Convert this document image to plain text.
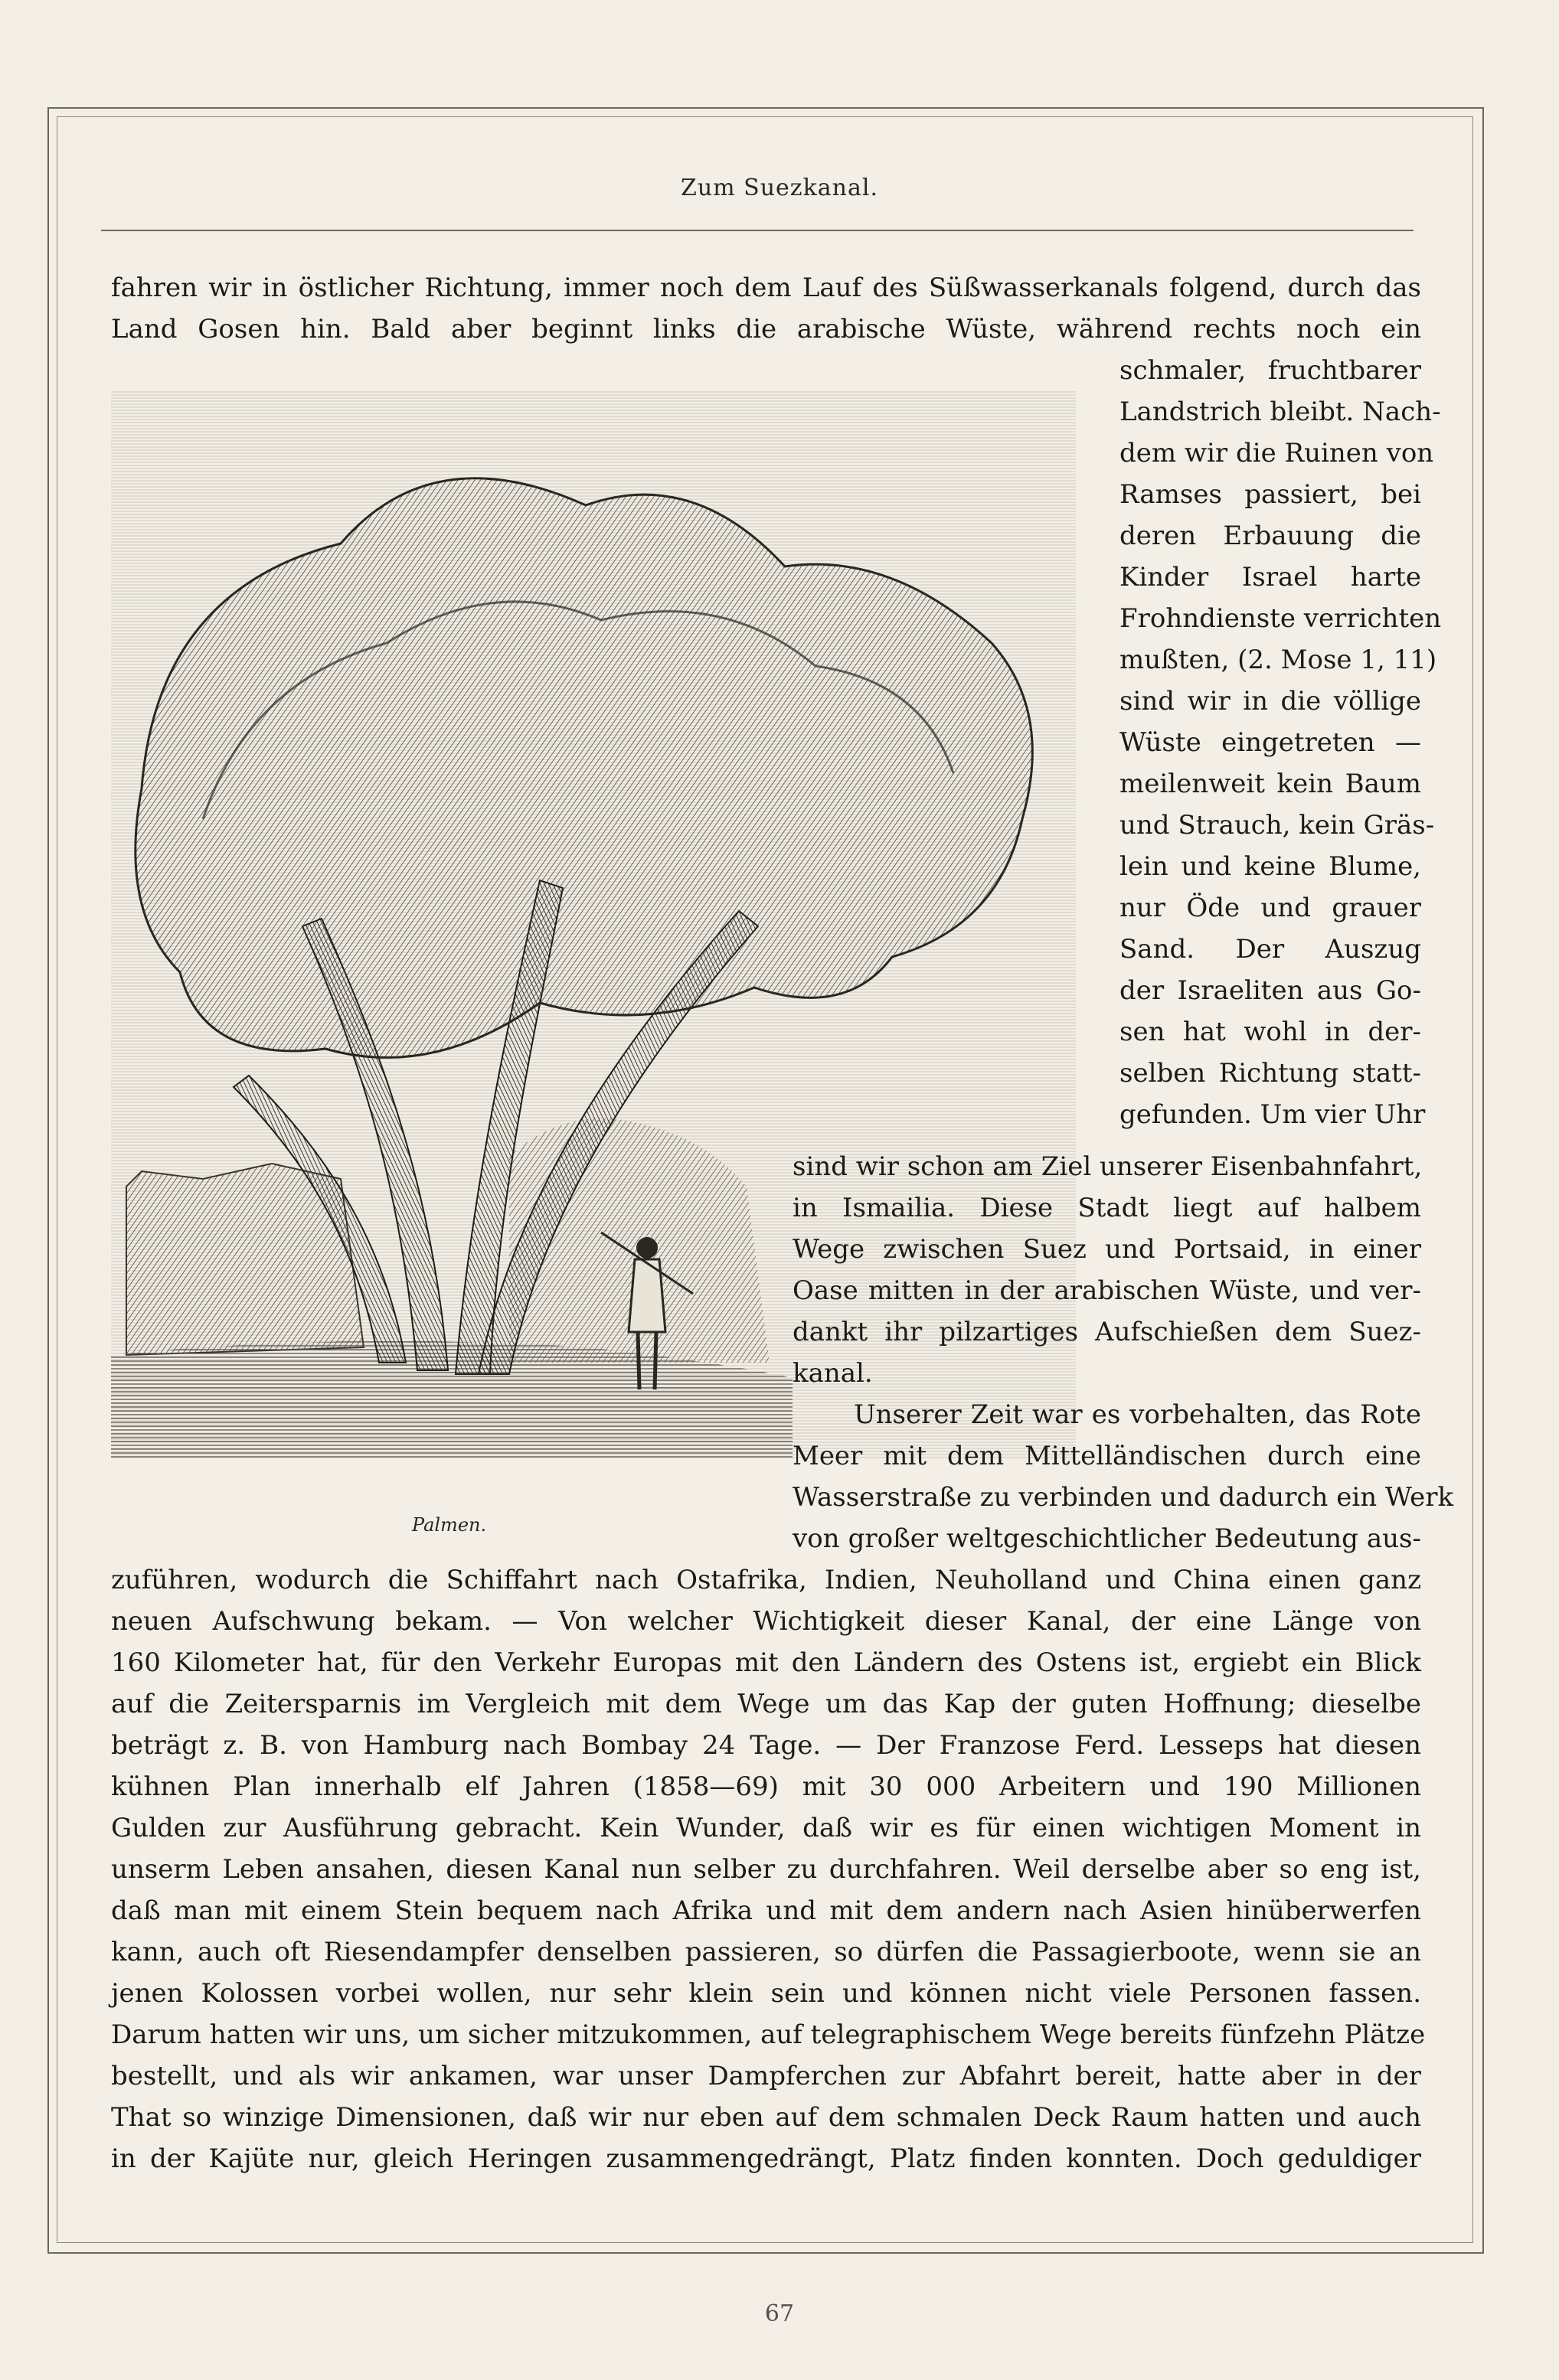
Zum Suezkanal.
Palmen.
fahren wir in östlicher Richtung, immer noch dem Lauf des Süßwasserkanals folgend, durch das
Land Gosen hin. Bald aber beginnt links die arabische Wüste, während rechts noch ein
schmaler, fruchtbarer
Landstrich bleibt. Nach-
dem wir die Ruinen von
Ramses passiert, bei
deren Erbauung die
Kinder Israel harte
Frohndienste verrichten
mußten, (2. Mose 1, 11)
sind wir in die völlige
Wüste eingetreten —
meilenweit kein Baum
und Strauch, kein Gräs-
lein und keine Blume,
nur Öde und grauer
Sand. Der Auszug
der Israeliten aus Go-
sen hat wohl in der-
selben Richtung statt-
gefunden. Um vier Uhr
sind wir schon am Ziel unserer Eisenbahnfahrt,
in Ismailia. Diese Stadt liegt auf halbem
Wege zwischen Suez und Portsaid, in einer
Oase mitten in der arabischen Wüste, und ver-
dankt ihr pilzartiges Aufschießen dem Suez-
kanal.
Unserer Zeit war es vorbehalten, das Rote
Meer mit dem Mittelländischen durch eine
Wasserstraße zu verbinden und dadurch ein Werk
von großer weltgeschichtlicher Bedeutung aus-
zuführen, wodurch die Schiffahrt nach Ostafrika, Indien, Neuholland und China einen ganz
neuen Aufschwung bekam. — Von welcher Wichtigkeit dieser Kanal, der eine Länge von
160 Kilometer hat, für den Verkehr Europas mit den Ländern des Ostens ist, ergiebt ein Blick
auf die Zeitersparnis im Vergleich mit dem Wege um das Kap der guten Hoffnung; dieselbe
beträgt z. B. von Hamburg nach Bombay 24 Tage. — Der Franzose Ferd. Lesseps hat diesen
kühnen Plan innerhalb elf Jahren (1858—69) mit 30 000 Arbeitern und 190 Millionen
Gulden zur Ausführung gebracht. Kein Wunder, daß wir es für einen wichtigen Moment in
unserm Leben ansahen, diesen Kanal nun selber zu durchfahren. Weil derselbe aber so eng ist,
daß man mit einem Stein bequem nach Afrika und mit dem andern nach Asien hinüberwerfen
kann, auch oft Riesendampfer denselben passieren, so dürfen die Passagierboote, wenn sie an
jenen Kolossen vorbei wollen, nur sehr klein sein und können nicht viele Personen fassen.
Darum hatten wir uns, um sicher mitzukommen, auf telegraphischem Wege bereits fünfzehn Plätze
bestellt, und als wir ankamen, war unser Dampferchen zur Abfahrt bereit, hatte aber in der
That so winzige Dimensionen, daß wir nur eben auf dem schmalen Deck Raum hatten und auch
in der Kajüte nur, gleich Heringen zusammengedrängt, Platz finden konnten. Doch geduldiger
67
